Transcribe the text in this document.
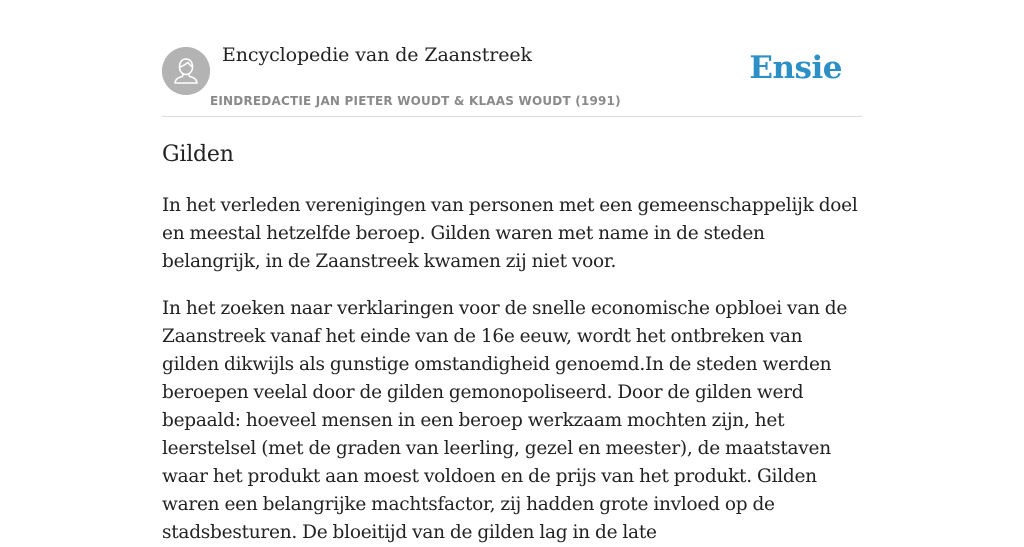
Encyclopedie van de Zaanstreek
EINDREDACTIE JAN PIETER WOUDT & KLAAS WOUDT (1991)
Ensie
Gilden

In het verleden verenigingen van personen met een gemeenschappelijk doel en meestal hetzelfde beroep. Gilden waren met name in de steden belangrijk, in de Zaanstreek kwamen zij niet voor.

In het zoeken naar verklaringen voor de snelle economische opbloei van de Zaanstreek vanaf het einde van de 16e eeuw, wordt het ontbreken van gilden dikwijls als gunstige omstandigheid genoemd.In de steden werden beroepen veelal door de gilden gemonopoliseerd. Door de gilden werd bepaald: hoeveel mensen in een beroep werkzaam mochten zijn, het leerstelsel (met de graden van leerling, gezel en meester), de maatstaven waar het produkt aan moest voldoen en de prijs van het produkt. Gilden waren een belangrijke machtsfactor, zij hadden grote invloed op de stadsbesturen. De bloeitijd van de gilden lag in de late
